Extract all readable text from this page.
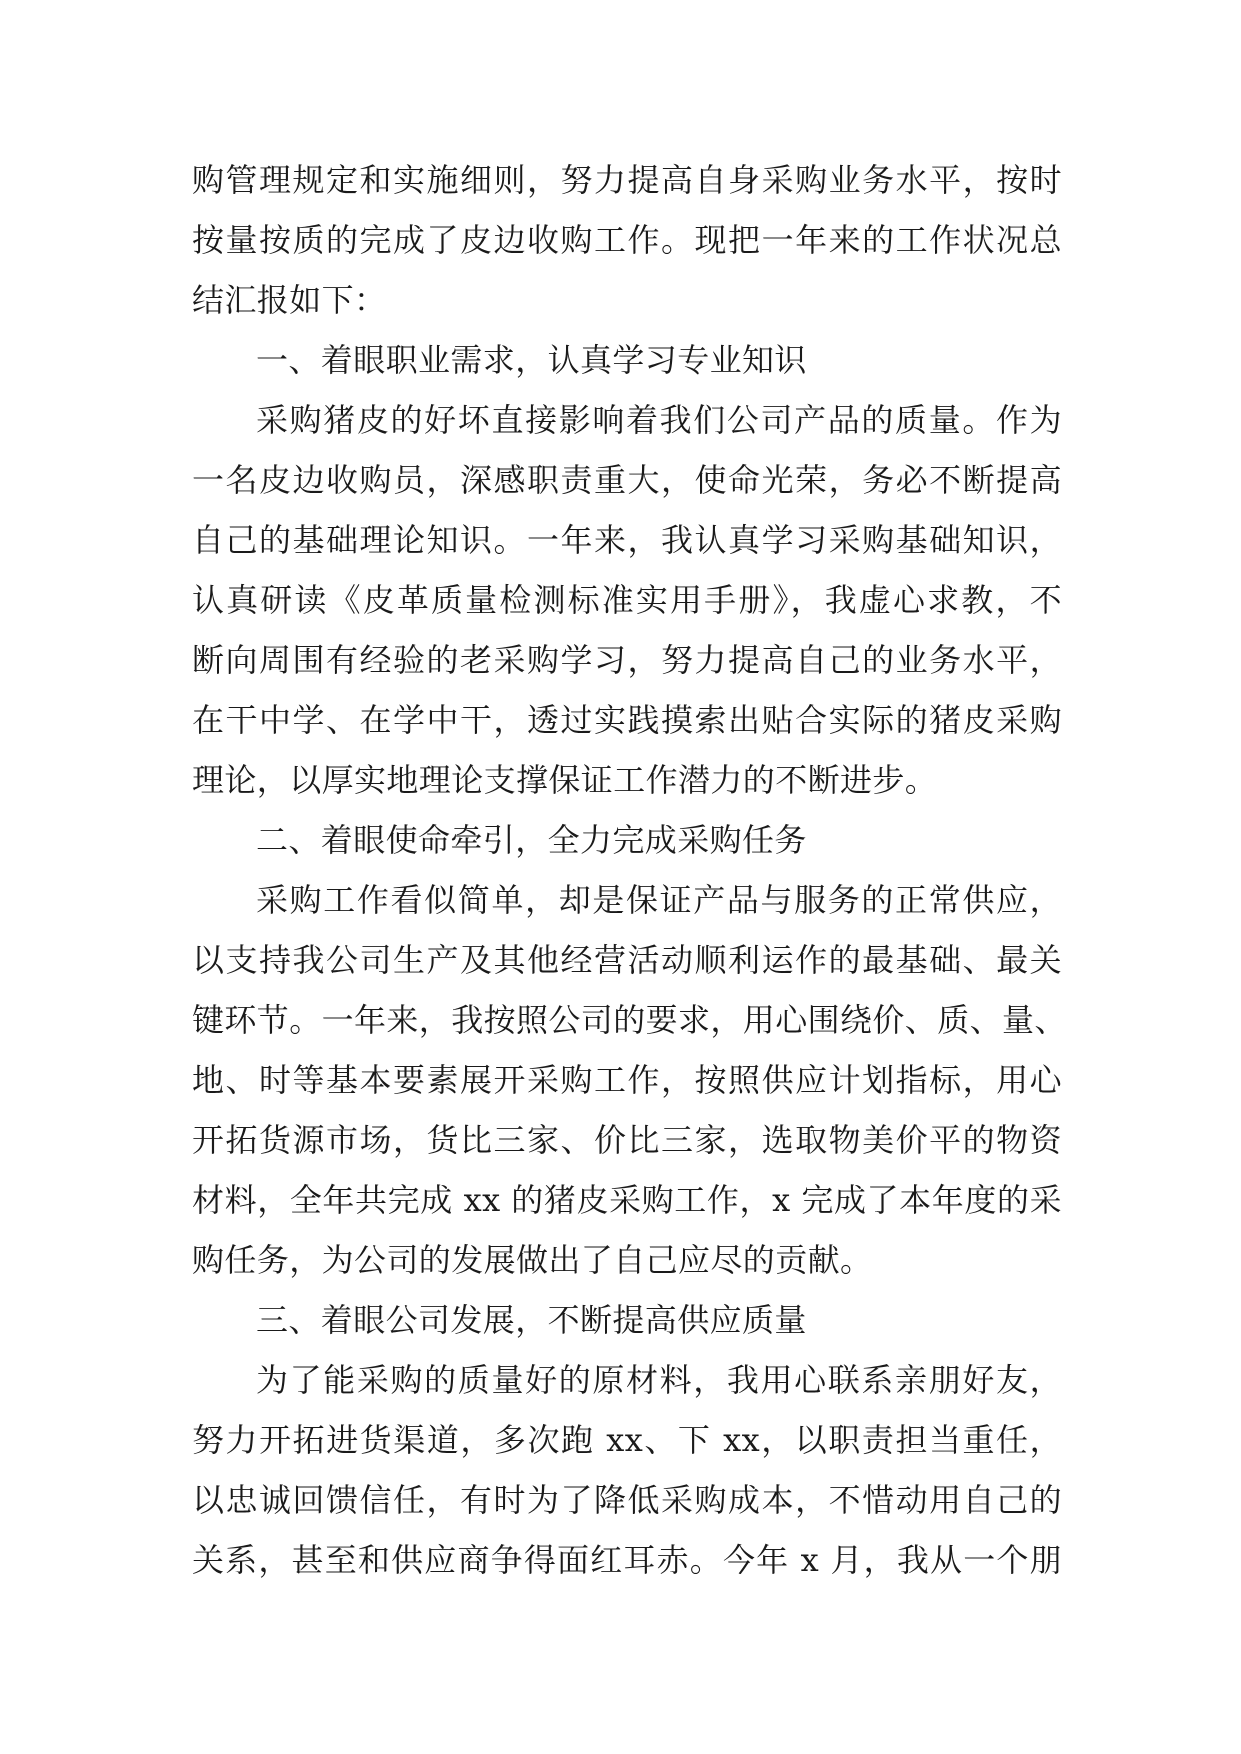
购管理规定和实施细则，努力提高自身采购业务水平，按时
按量按质的完成了皮边收购工作。现把一年来的工作状况总
结汇报如下：
一、着眼职业需求，认真学习专业知识
采购猪皮的好坏直接影响着我们公司产品的质量。作为
一名皮边收购员，深感职责重大，使命光荣，务必不断提高
自己的基础理论知识。一年来，我认真学习采购基础知识，
认真研读《皮革质量检测标准实用手册》，我虚心求教，不
断向周围有经验的老采购学习，努力提高自己的业务水平，
在干中学、在学中干，透过实践摸索出贴合实际的猪皮采购
理论，以厚实地理论支撑保证工作潜力的不断进步。
二、着眼使命牵引，全力完成采购任务
采购工作看似简单，却是保证产品与服务的正常供应，
以支持我公司生产及其他经营活动顺利运作的最基础、最关
键环节。一年来，我按照公司的要求，用心围绕价、质、量、
地、时等基本要素展开采购工作，按照供应计划指标，用心
开拓货源市场，货比三家、价比三家，选取物美价平的物资
材料，全年共完成 xx 的猪皮采购工作，x 完成了本年度的采
购任务，为公司的发展做出了自己应尽的贡献。
三、着眼公司发展，不断提高供应质量
为了能采购的质量好的原材料，我用心联系亲朋好友，
努力开拓进货渠道，多次跑 xx、下 xx，以职责担当重任，
以忠诚回馈信任，有时为了降低采购成本，不惜动用自己的
关系，甚至和供应商争得面红耳赤。今年 x 月，我从一个朋
